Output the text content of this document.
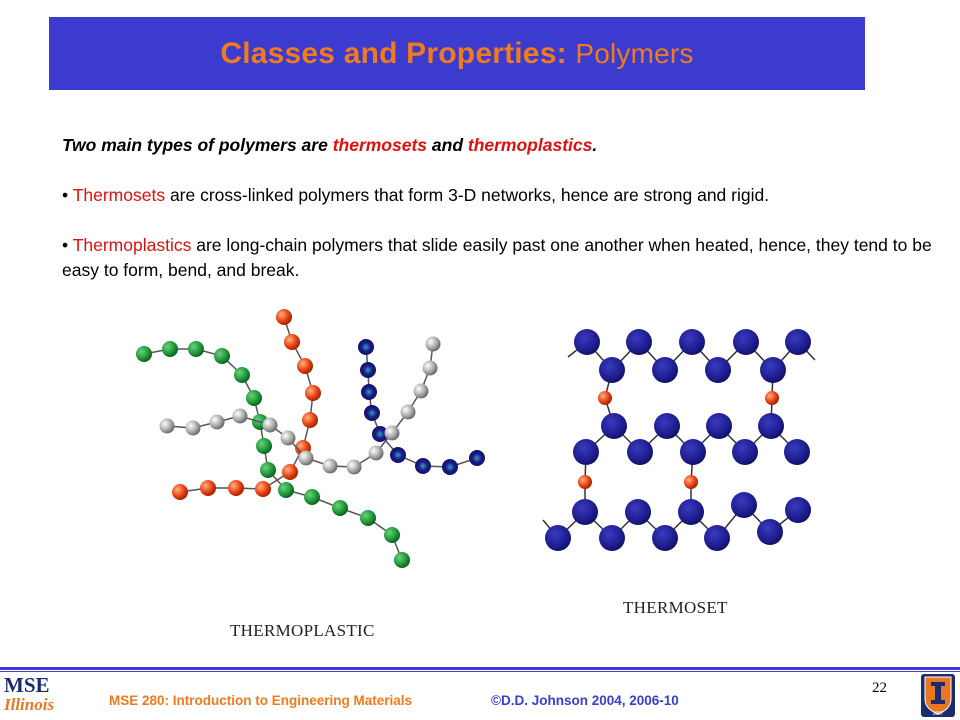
Classes and Properties: Polymers
Two main types of polymers are thermosets and thermoplastics.
• Thermosets are cross-linked polymers that form 3-D networks, hence are strong and rigid.
• Thermoplastics are long-chain polymers that slide easily past one another when heated, hence, they tend to be easy to form, bend, and break.
THERMOPLASTIC
THERMOSET
MSE
Illinois	MSE 280: Introduction to Engineering Materials	©D.D. Johnson 2004, 2006-10
22
1867
